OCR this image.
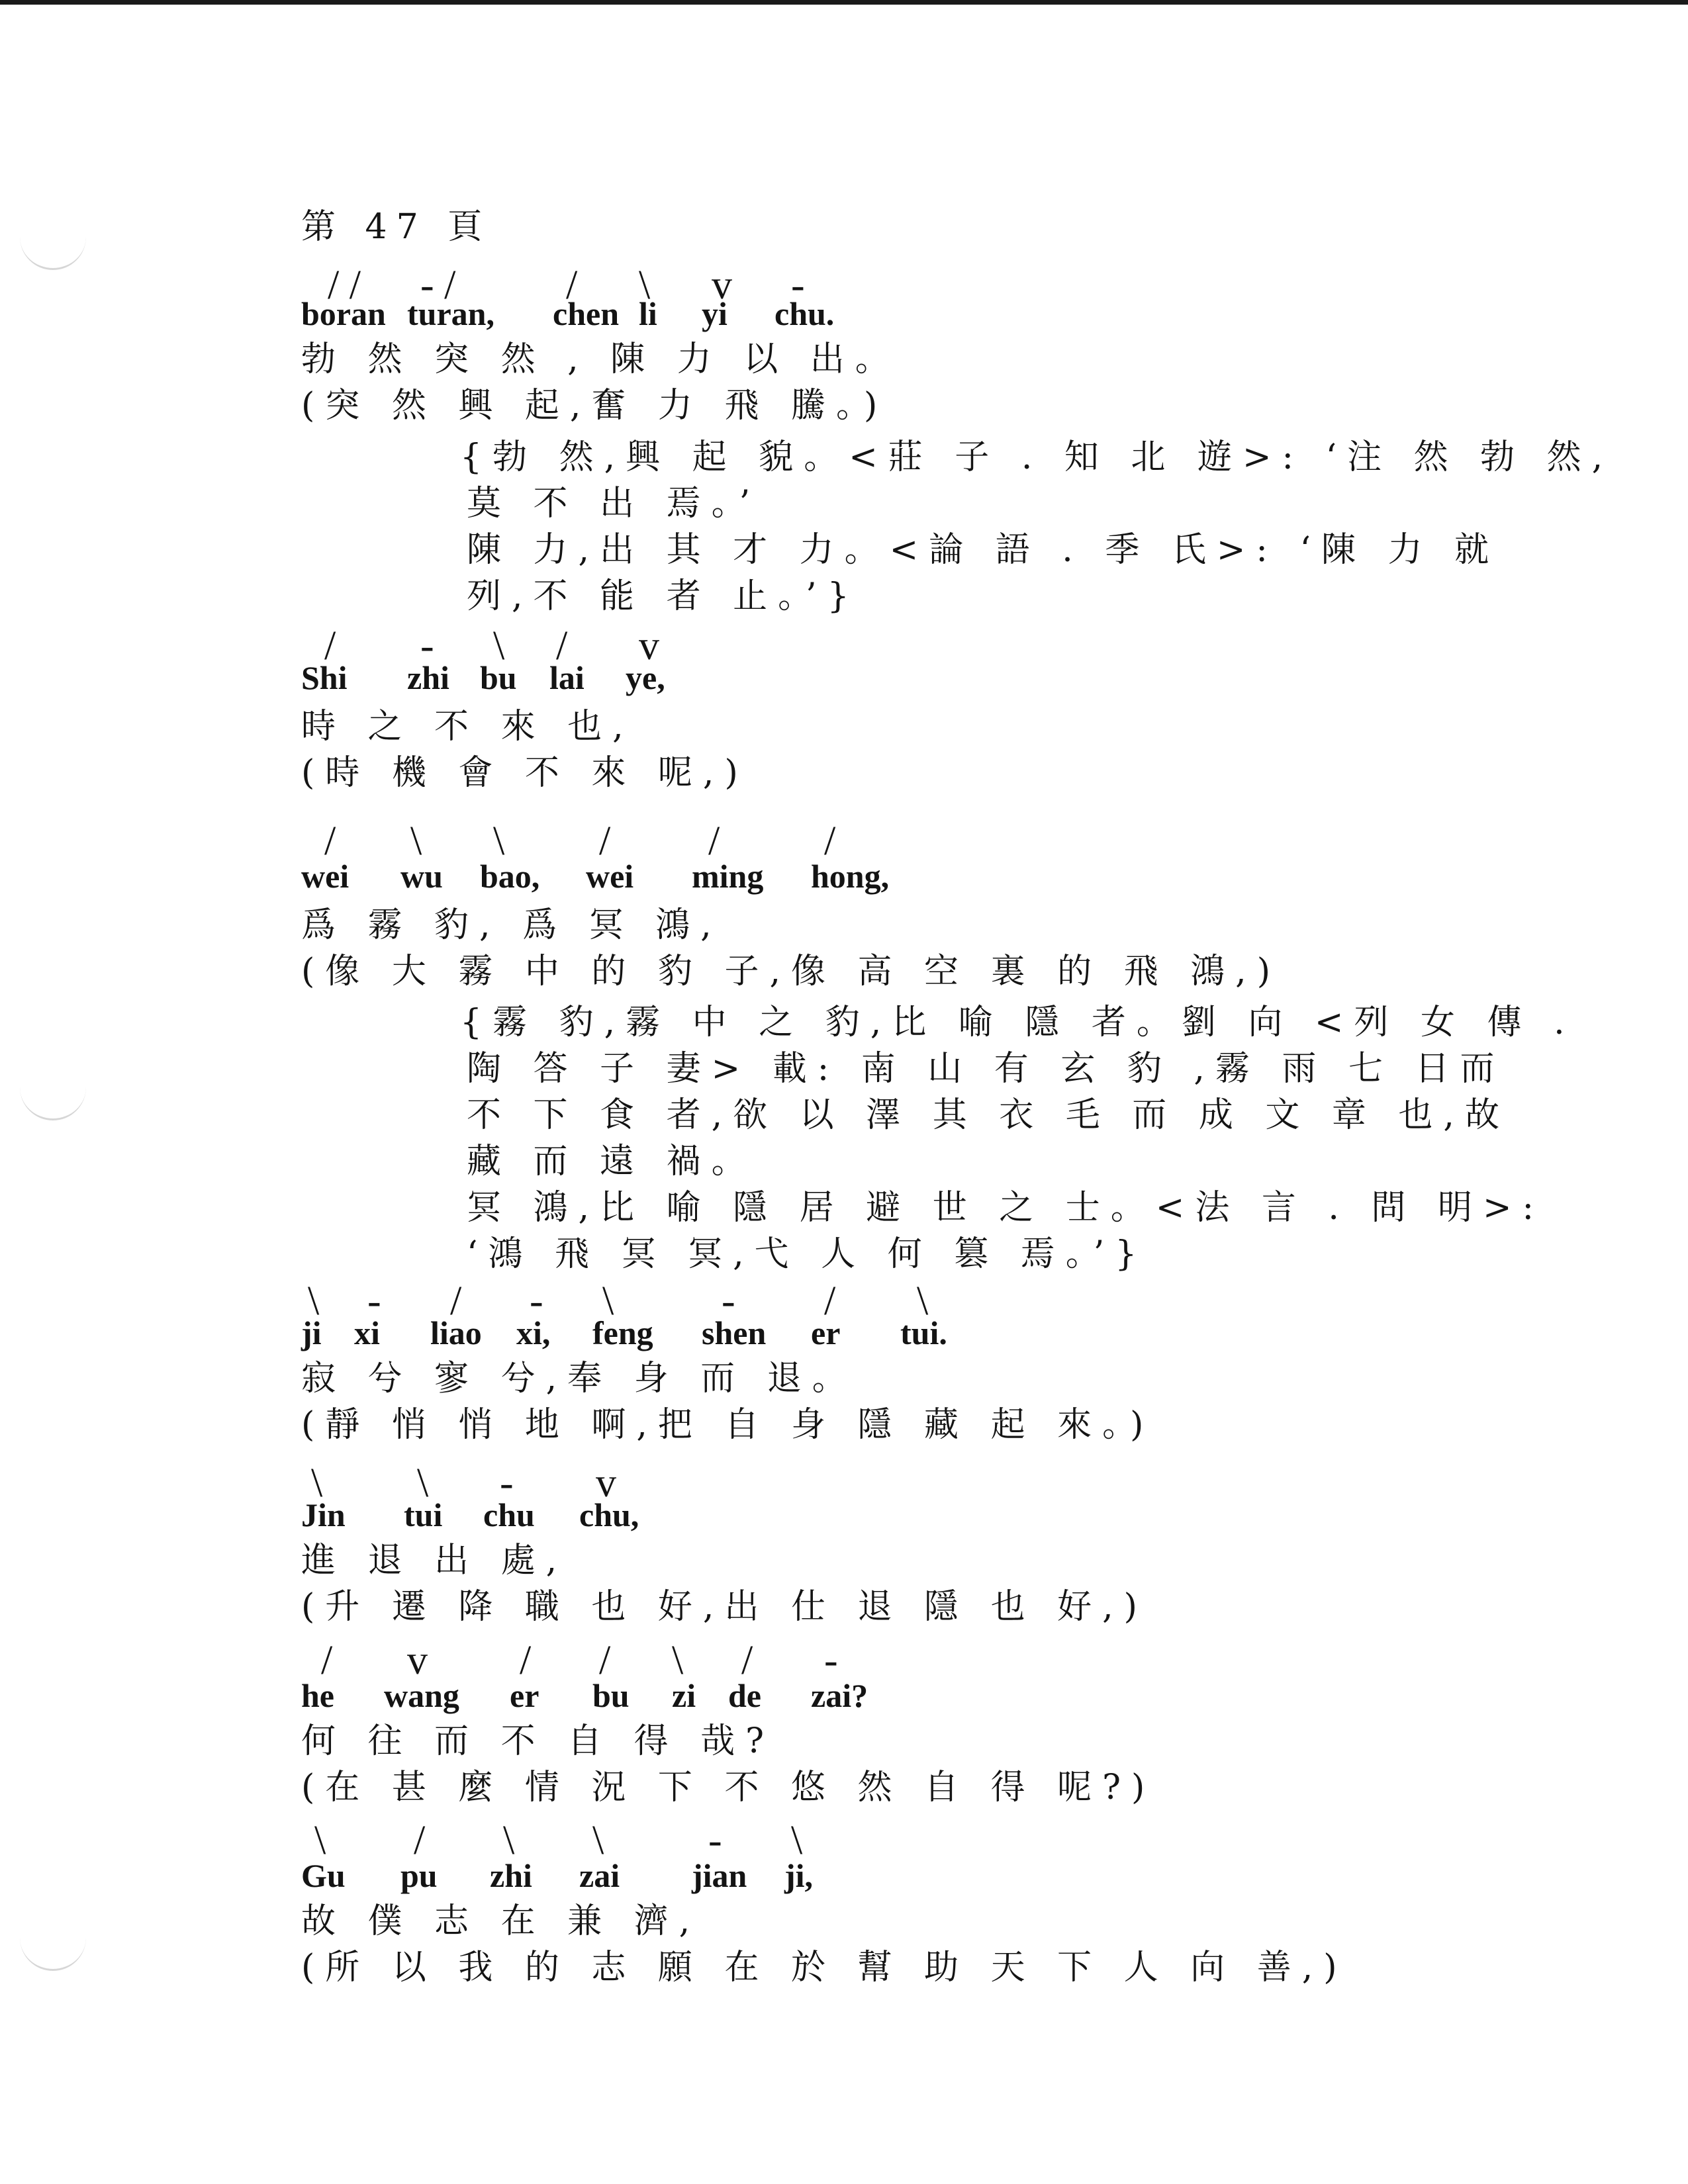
第 47 頁
/ / - /	/ \ v -
boran turan, chen li yi chu.
勃 然 突 然 , 陳 力 以 出。
(突 然 興 起,奮 力 飛 騰。)
{勃 然,興 起 貌。<莊 子 . 知 北 遊>: ‘注 然 勃 然,
莫 不 出 焉。’
陳 力,出 其 才 力。<論 語 . 季 氏>: ‘陳 力 就
列,不 能 者 止。’}
/ - \ / v
Shi zhi bu lai ye,
時 之 不 來 也,
(時 機 會 不 來 呢,)
/ \ \ / /	/
wei wu bao, wei ming hong,
爲 霧 豹, 爲 冥 鴻,
(像 大 霧 中 的 豹 子,像 高 空 裏 的 飛 鴻,)
{霧 豹,霧 中 之 豹,比 喻 隱 者。劉 向 <列 女 傳 .
陶 答 子 妻> 載: 南 山 有 玄 豹 ,霧 雨 七 日而
不 下 食 者,欲 以 澤 其 衣 毛 而 成 文 章 也,故
藏 而 遠 禍。
冥 鴻,比 喻 隱 居 避 世 之 士。<法 言 . 問 明>:
‘鴻 飛 冥 冥,弋 人 何 篡 焉。’}
\ - / - \	- / \
ji xi liao xi, feng shen er tui.
寂 兮 寥 兮,奉 身 而 退。
(靜 悄 悄 地 啊,把 自 身 隱 藏 起 來。)
\ \ - v
Jin tui chu chu,
進 退 出 處,
(升 遷 降 職 也 好,出 仕 退 隱 也 好,)
/ v / / \ / -
he wang er bu zi de zai?
何 往 而 不 自 得 哉?
(在 甚 麼 情 況 下 不 悠 然 自 得 呢?)
\ / \ \	- \
Gu pu zhi zai jian ji,
故 僕 志 在 兼 濟,
(所 以 我 的 志 願 在 於 幫 助 天 下 人 向 善,)
